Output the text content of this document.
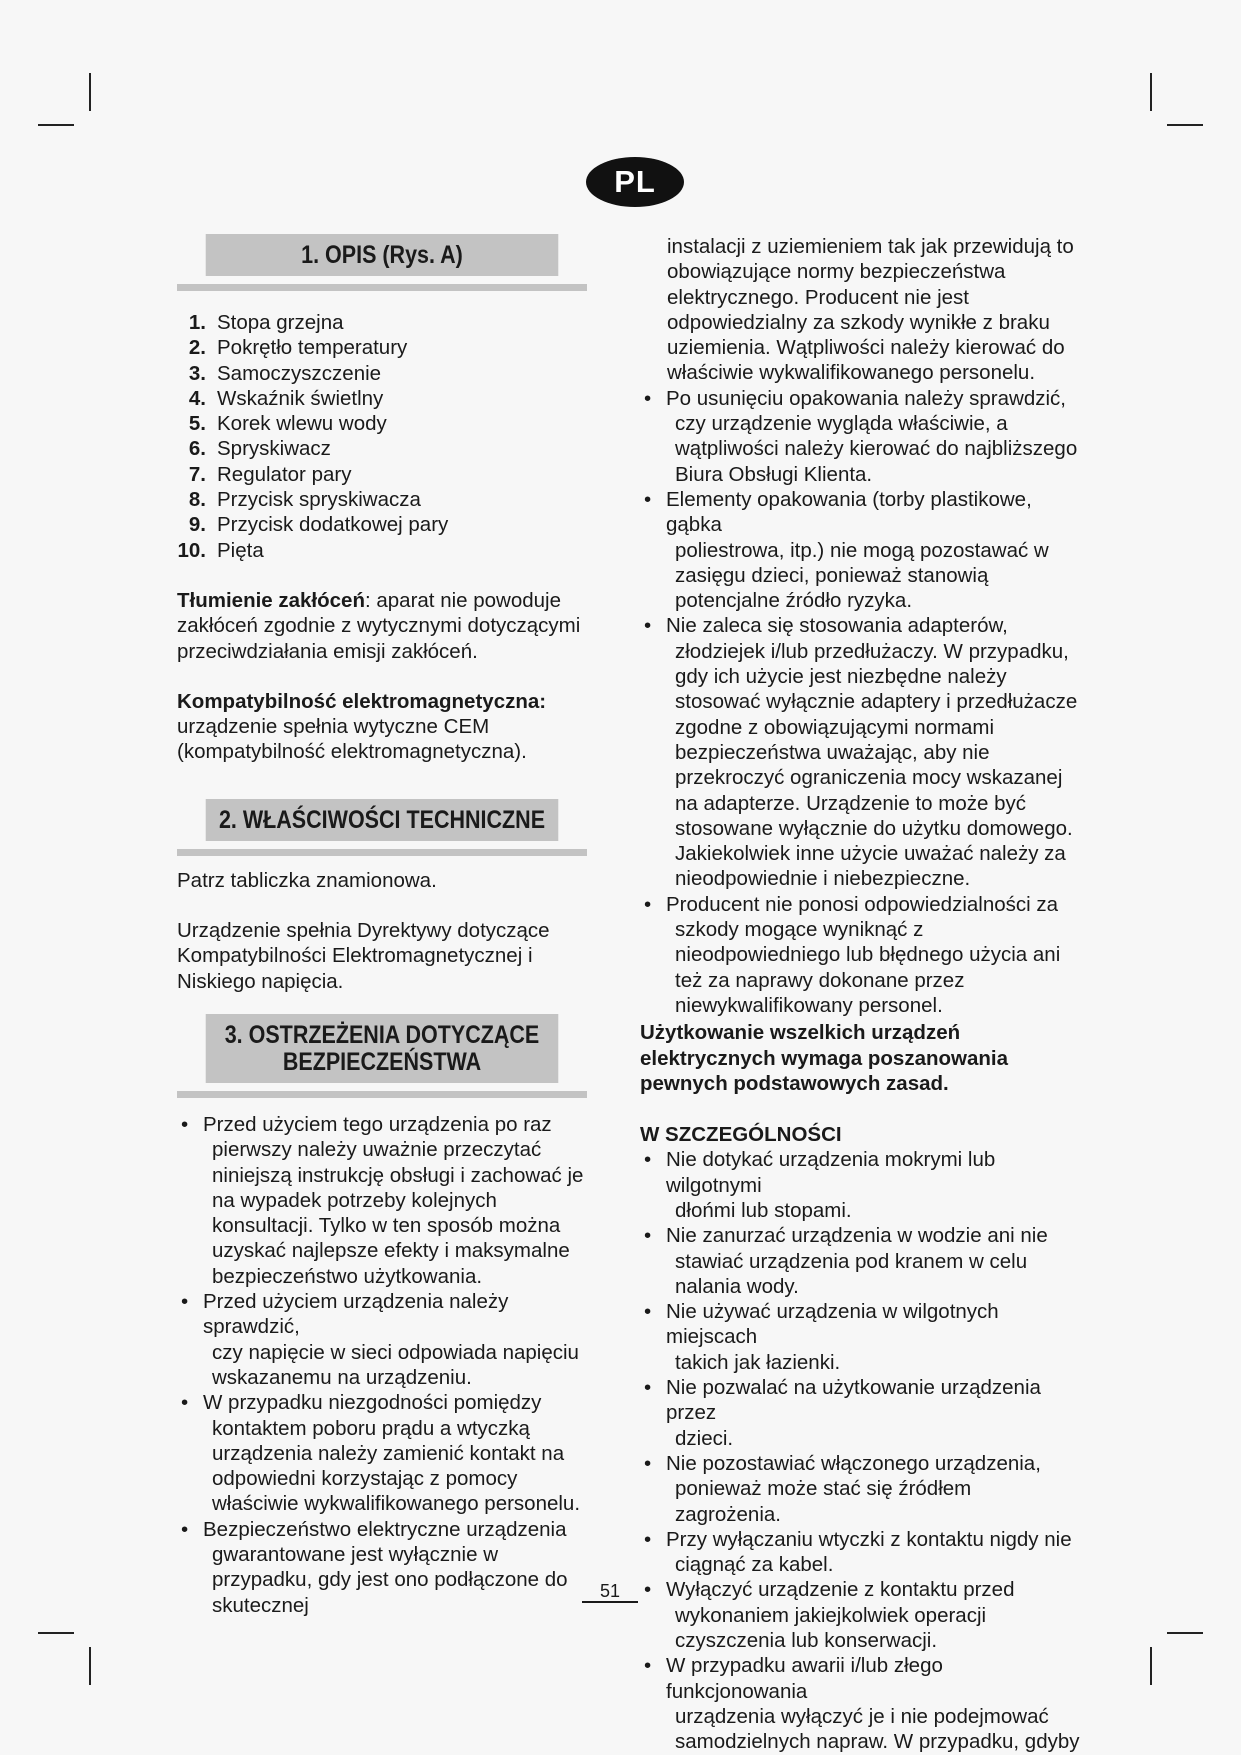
PL
1. OPIS (Rys. A)
1. Stopa grzejna
2. Pokrętło temperatury
3. Samoczyszczenie
4. Wskaźnik świetlny
5. Korek wlewu wody
6. Spryskiwacz
7. Regulator pary
8. Przycisk spryskiwacza
9. Przycisk dodatkowej pary
10. Pięta

Tłumienie zakłóceń: aparat nie powoduje zakłóceń zgodnie z wytycznymi dotyczącymi przeciwdziałania emisji zakłóceń.

Kompatybilność elektromagnetyczna:
urządzenie spełnia wytyczne CEM (kompatybilność elektromagnetyczna).

2. WŁAŚCIWOŚCI TECHNICZNE

Patrz tabliczka znamionowa.

Urządzenie spełnia Dyrektywy dotyczące Kompatybilności Elektromagnetycznej i Niskiego napięcia.

3. OSTRZEŻENIA DOTYCZĄCE
BEZPIECZEŃSTWA
• Przed użyciem tego urządzenia po raz
pierwszy należy uważnie przeczytać niniejszą instrukcję obsługi i zachować je na wypadek potrzeby kolejnych konsultacji. Tylko w ten sposób można uzyskać najlepsze efekty i maksymalne bezpieczeństwo użytkowania.
• Przed użyciem urządzenia należy sprawdzić,
czy napięcie w sieci odpowiada napięciu wskazanemu na urządzeniu.
• W przypadku niezgodności pomiędzy
kontaktem poboru prądu a wtyczką urządzenia należy zamienić kontakt na odpowiedni korzystając z pomocy właściwie wykwalifikowanego personelu.
• Bezpieczeństwo elektryczne urządzenia
gwarantowane jest wyłącznie w przypadku, gdy jest ono podłączone do skutecznej

instalacji z uziemieniem tak jak przewidują to obowiązujące normy bezpieczeństwa elektrycznego. Producent nie jest odpowiedzialny za szkody wynikłe z braku uziemienia. Wątpliwości należy kierować do właściwie wykwalifikowanego personelu.

• Po usunięciu opakowania należy sprawdzić,
czy urządzenie wygląda właściwie, a wątpliwości należy kierować do najbliższego Biura Obsługi Klienta.
• Elementy opakowania (torby plastikowe, gąbka
poliestrowa, itp.) nie mogą pozostawać w zasięgu dzieci, ponieważ stanowią potencjalne źródło ryzyka.
• Nie zaleca się stosowania adapterów,
złodziejek i/lub przedłużaczy. W przypadku, gdy ich użycie jest niezbędne należy stosować wyłącznie adaptery i przedłużacze zgodne z obowiązującymi normami bezpieczeństwa uważając, aby nie przekroczyć ograniczenia mocy wskazanej na adapterze. Urządzenie to może być stosowane wyłącznie do użytku domowego. Jakiekolwiek inne użycie uważać należy za nieodpowiednie i niebezpieczne.
• Producent nie ponosi odpowiedzialności za
szkody mogące wyniknąć z nieodpowiedniego lub błędnego użycia ani też za naprawy dokonane przez niewykwalifikowany personel.

Użytkowanie wszelkich urządzeń elektrycznych wymaga poszanowania pewnych podstawowych zasad.

W SZCZEGÓLNOŚCI

• Nie dotykać urządzenia mokrymi lub wilgotnymi
dłońmi lub stopami.
• Nie zanurzać urządzenia w wodzie ani nie
stawiać urządzenia pod kranem w celu nalania wody.
• Nie używać urządzenia w wilgotnych miejscach
takich jak łazienki.
• Nie pozwalać na użytkowanie urządzenia przez
dzieci.
• Nie pozostawiać włączonego urządzenia,
ponieważ może stać się źródłem zagrożenia.
• Przy wyłączaniu wtyczki z kontaktu nigdy nie
ciągnąć za kabel.
• Wyłączyć urządzenie z kontaktu przed
wykonaniem jakiejkolwiek operacji czyszczenia lub konserwacji.
• W przypadku awarii i/lub złego funkcjonowania
urządzenia wyłączyć je i nie podejmować samodzielnych napraw. W przypadku, gdyby
51
